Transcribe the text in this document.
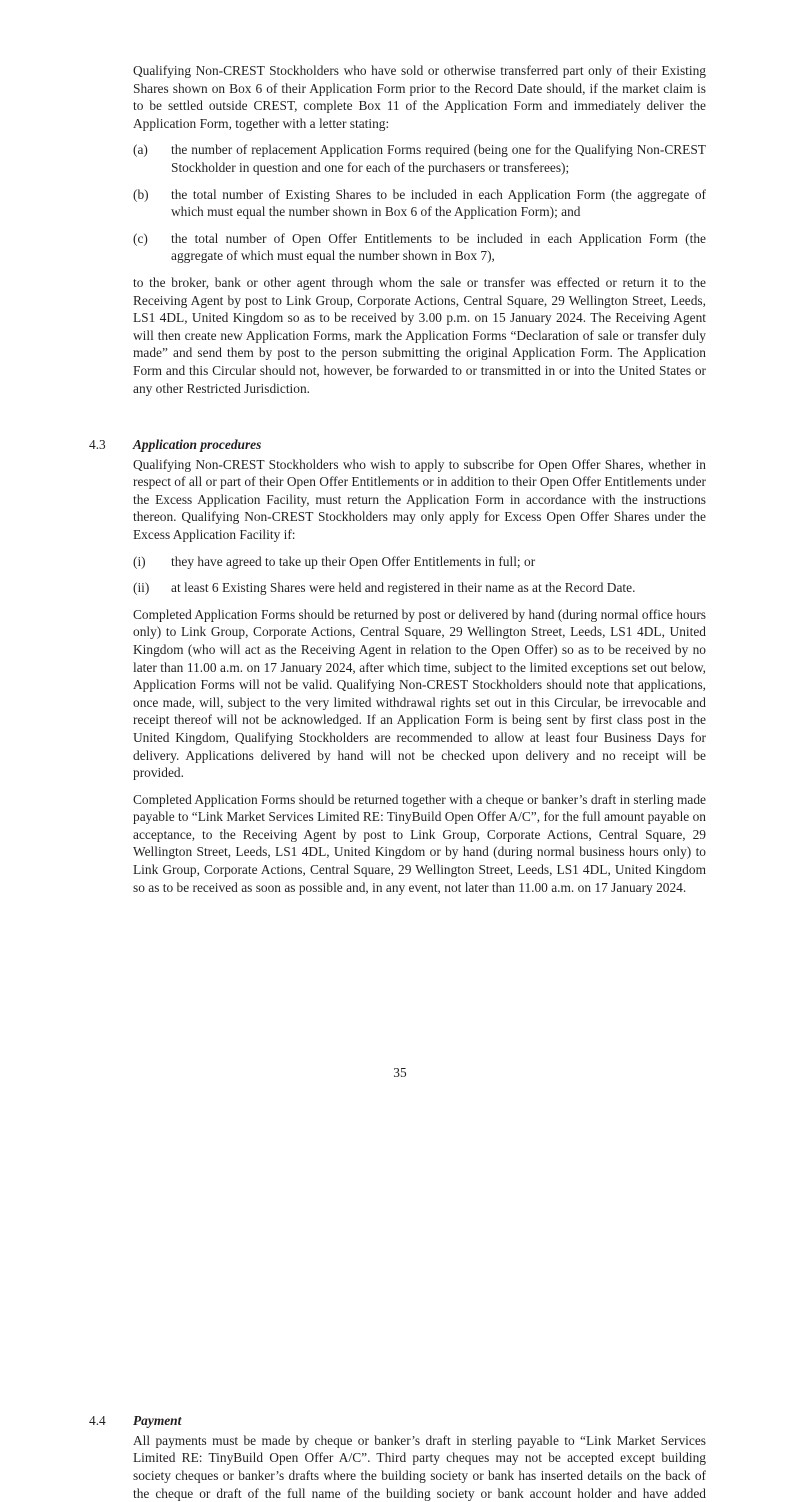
Qualifying Non-CREST Stockholders who have sold or otherwise transferred part only of their Existing Shares shown on Box 6 of their Application Form prior to the Record Date should, if the market claim is to be settled outside CREST, complete Box 11 of the Application Form and immediately deliver the Application Form, together with a letter stating:

(a)	the number of replacement Application Forms required (being one for the Qualifying Non-CREST Stockholder in question and one for each of the purchasers or transferees);
(b)	the total number of Existing Shares to be included in each Application Form (the aggregate of which must equal the number shown in Box 6 of the Application Form); and
(c)	the total number of Open Offer Entitlements to be included in each Application Form (the aggregate of which must equal the number shown in Box 7),

to the broker, bank or other agent through whom the sale or transfer was effected or return it to the Receiving Agent by post to Link Group, Corporate Actions, Central Square, 29 Wellington Street, Leeds, LS1 4DL, United Kingdom so as to be received by 3.00 p.m. on 15 January 2024. The Receiving Agent will then create new Application Forms, mark the Application Forms “Declaration of sale or transfer duly made” and send them by post to the person submitting the original Application Form. The Application Form and this Circular should not, however, be forwarded to or transmitted in or into the United States or any other Restricted Jurisdiction.

4.3 Application procedures

Qualifying Non-CREST Stockholders who wish to apply to subscribe for Open Offer Shares, whether in respect of all or part of their Open Offer Entitlements or in addition to their Open Offer Entitlements under the Excess Application Facility, must return the Application Form in accordance with the instructions thereon. Qualifying Non-CREST Stockholders may only apply for Excess Open Offer Shares under the Excess Application Facility if:

(i)	they have agreed to take up their Open Offer Entitlements in full; or
(ii)	at least 6 Existing Shares were held and registered in their name as at the Record Date.

Completed Application Forms should be returned by post or delivered by hand (during normal office hours only) to Link Group, Corporate Actions, Central Square, 29 Wellington Street, Leeds, LS1 4DL, United Kingdom (who will act as the Receiving Agent in relation to the Open Offer) so as to be received by no later than 11.00 a.m. on 17 January 2024, after which time, subject to the limited exceptions set out below, Application Forms will not be valid. Qualifying Non-CREST Stockholders should note that applications, once made, will, subject to the very limited withdrawal rights set out in this Circular, be irrevocable and receipt thereof will not be acknowledged. If an Application Form is being sent by first class post in the United Kingdom, Qualifying Stockholders are recommended to allow at least four Business Days for delivery. Applications delivered by hand will not be checked upon delivery and no receipt will be provided.

Completed Application Forms should be returned together with a cheque or banker’s draft in sterling made payable to “Link Market Services Limited RE: TinyBuild Open Offer A/C”, for the full amount payable on acceptance, to the Receiving Agent by post to Link Group, Corporate Actions, Central Square, 29 Wellington Street, Leeds, LS1 4DL, United Kingdom or by hand (during normal business hours only) to Link Group, Corporate Actions, Central Square, 29 Wellington Street, Leeds, LS1 4DL, United Kingdom so as to be received as soon as possible and, in any event, not later than 11.00 a.m. on 17 January 2024.

4.4 Payment

All payments must be made by cheque or banker’s draft in sterling payable to “Link Market Services Limited RE: TinyBuild Open Offer A/C”. Third party cheques may not be accepted except building society cheques or banker’s drafts where the building society or bank has inserted details on the back of the cheque or draft of the full name of the building society or bank account holder and have added

35
